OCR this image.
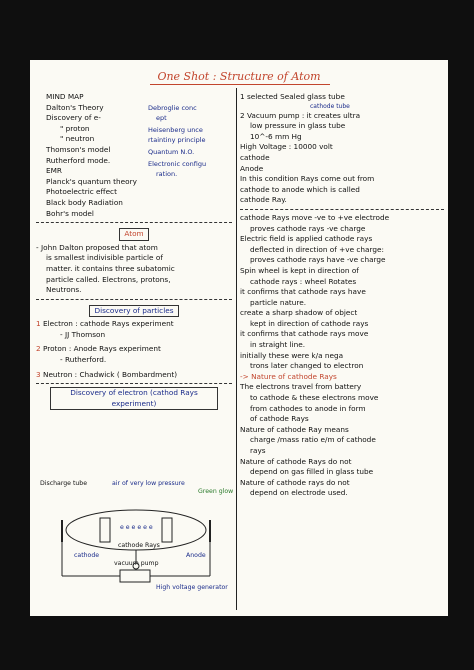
One Shot : Structure of Atom
MIND MAP
Dalton's Theory
Discovery of e-
" proton
" neutron
Thomson's model
Rutherford mode.
EMR
Planck's quantum theory
Photoelectric effect
Black body Radiation
Bohr's model
Debroglie conc
ept
Heisenberg unce
rtaintiny principle
Quantum N.O.
Electronic configu
ration.
Atom
- John Dalton proposed that atom
is smallest indivisible particle of
matter. it contains three subatomic
particle called. Electrons, protons,
Neutrons.
Discovery of particles
1 Electron : cathode Rays experiment
- JJ Thomson
2 Proton : Anode Rays experiment
- Rutherford.
3 Neutron : Chadwick ( Bombardment)
Discovery of electron (cathod Rays experiment)
Discharge tube	air of very low pressure
Green glow
e e e e e e
cathode Rays
cathode	Anode
vacuum pump
High voltage generator
1 selected Sealed glass tube
cathode tube
2 Vacuum pump : it creates ultra
low pressure in glass tube
10^-6 mm Hg
High Voltage : 10000 volt
cathode
Anode
In this condition Rays come out from
cathode to anode which is called
cathode Ray.
cathode Rays move -ve to +ve electrode
proves cathode rays -ve charge
Electric field is applied cathode rays
deflected in direction of +ve charge:
proves cathode rays have -ve charge
Spin wheel is kept in direction of
cathode rays : wheel Rotates
it confirms that cathode rays have
particle nature.
create a sharp shadow of object
kept in direction of cathode rays
it confirms that cathode rays move
in straight line.
initially these were k/a nega
trons later changed to electron
-> Nature of cathode Rays
The electrons travel from battery
to cathode & these electrons move
from cathodes to anode in form
of cathode Rays
Nature of cathode Ray means
charge /mass ratio e/m of cathode
rays
Nature of cathode Rays do not
depend on gas filled in glass tube
Nature of cathode rays do not
depend on electrode used.
